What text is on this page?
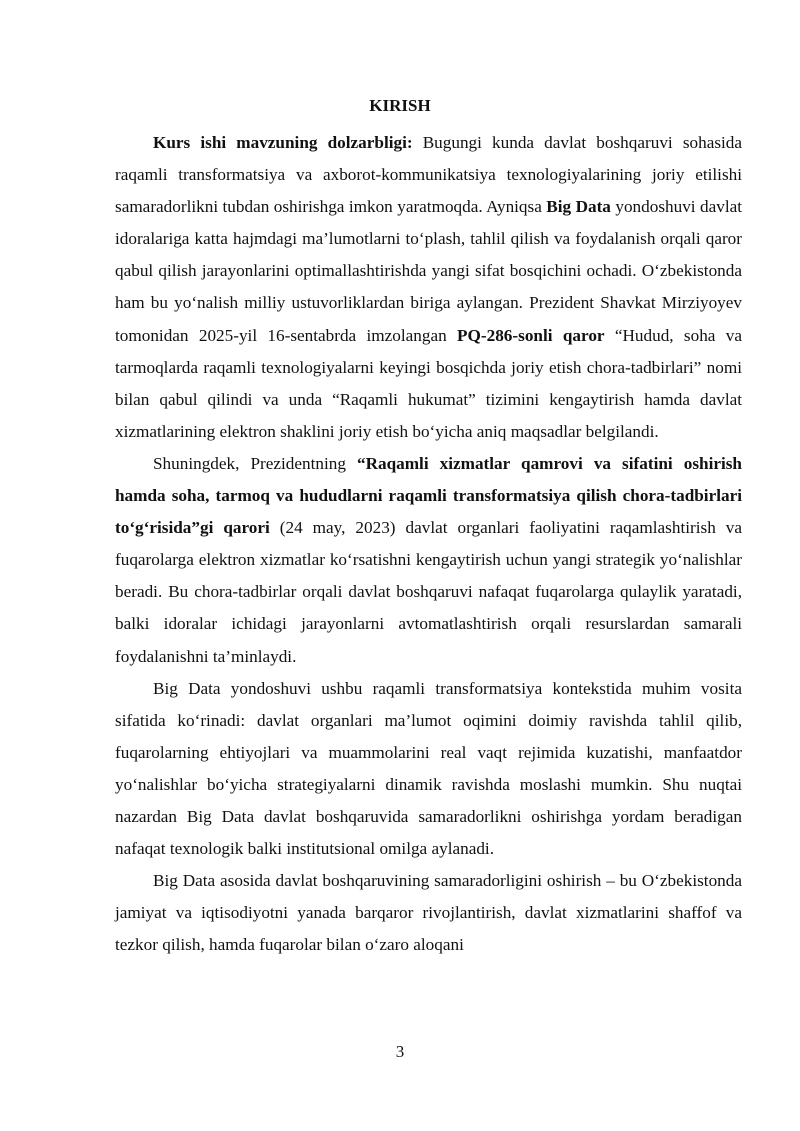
KIRISH

Kurs ishi mavzuning dolzarbligi: Bugungi kunda davlat boshqaruvi sohasida raqamli transformatsiya va axborot-kommunikatsiya texnologiyalarining joriy etilishi samaradorlikni tubdan oshirishga imkon yaratmoqda. Ayniqsa Big Data yondoshuvi davlat idoralariga katta hajmdagi ma’lumotlarni to‘plash, tahlil qilish va foydalanish orqali qaror qabul qilish jarayonlarini optimallashtirishda yangi sifat bosqichini ochadi. O‘zbekistonda ham bu yo‘nalish milliy ustuvorliklardan biriga aylangan. Prezident Shavkat Mirziyoyev tomonidan 2025-yil 16-sentabrda imzolangan PQ-286-sonli qaror “Hudud, soha va tarmoqlarda raqamli texnologiyalarni keyingi bosqichda joriy etish chora-tadbirlari” nomi bilan qabul qilindi va unda “Raqamli hukumat” tizimini kengaytirish hamda davlat xizmatlarining elektron shaklini joriy etish bo‘yicha aniq maqsadlar belgilandi.

Shuningdek, Prezidentning “Raqamli xizmatlar qamrovi va sifatini oshirish hamda soha, tarmoq va hududlarni raqamli transformatsiya qilish chora-tadbirlari to‘g‘risida”gi qarori (24 may, 2023) davlat organlari faoliyatini raqamlashtirish va fuqarolarga elektron xizmatlar ko‘rsatishni kengaytirish uchun yangi strategik yo‘nalishlar beradi. Bu chora-tadbirlar orqali davlat boshqaruvi nafaqat fuqarolarga qulaylik yaratadi, balki idoralar ichidagi jarayonlarni avtomatlashtirish orqali resurslardan samarali foydalanishni ta’minlaydi.

Big Data yondoshuvi ushbu raqamli transformatsiya kontekstida muhim vosita sifatida ko‘rinadi: davlat organlari ma’lumot oqimini doimiy ravishda tahlil qilib, fuqarolarning ehtiyojlari va muammolarini real vaqt rejimida kuzatishi, manfaatdor yo‘nalishlar bo‘yicha strategiyalarni dinamik ravishda moslashi mumkin. Shu nuqtai nazardan Big Data davlat boshqaruvida samaradorlikni oshirishga yordam beradigan nafaqat texnologik balki institutsional omilga aylanadi.

Big Data asosida davlat boshqaruvining samaradorligini oshirish – bu O‘zbekistonda jamiyat va iqtisodiyotni yanada barqaror rivojlantirish, davlat xizmatlarini shaffof va tezkor qilish, hamda fuqarolar bilan o‘zaro aloqani

3
